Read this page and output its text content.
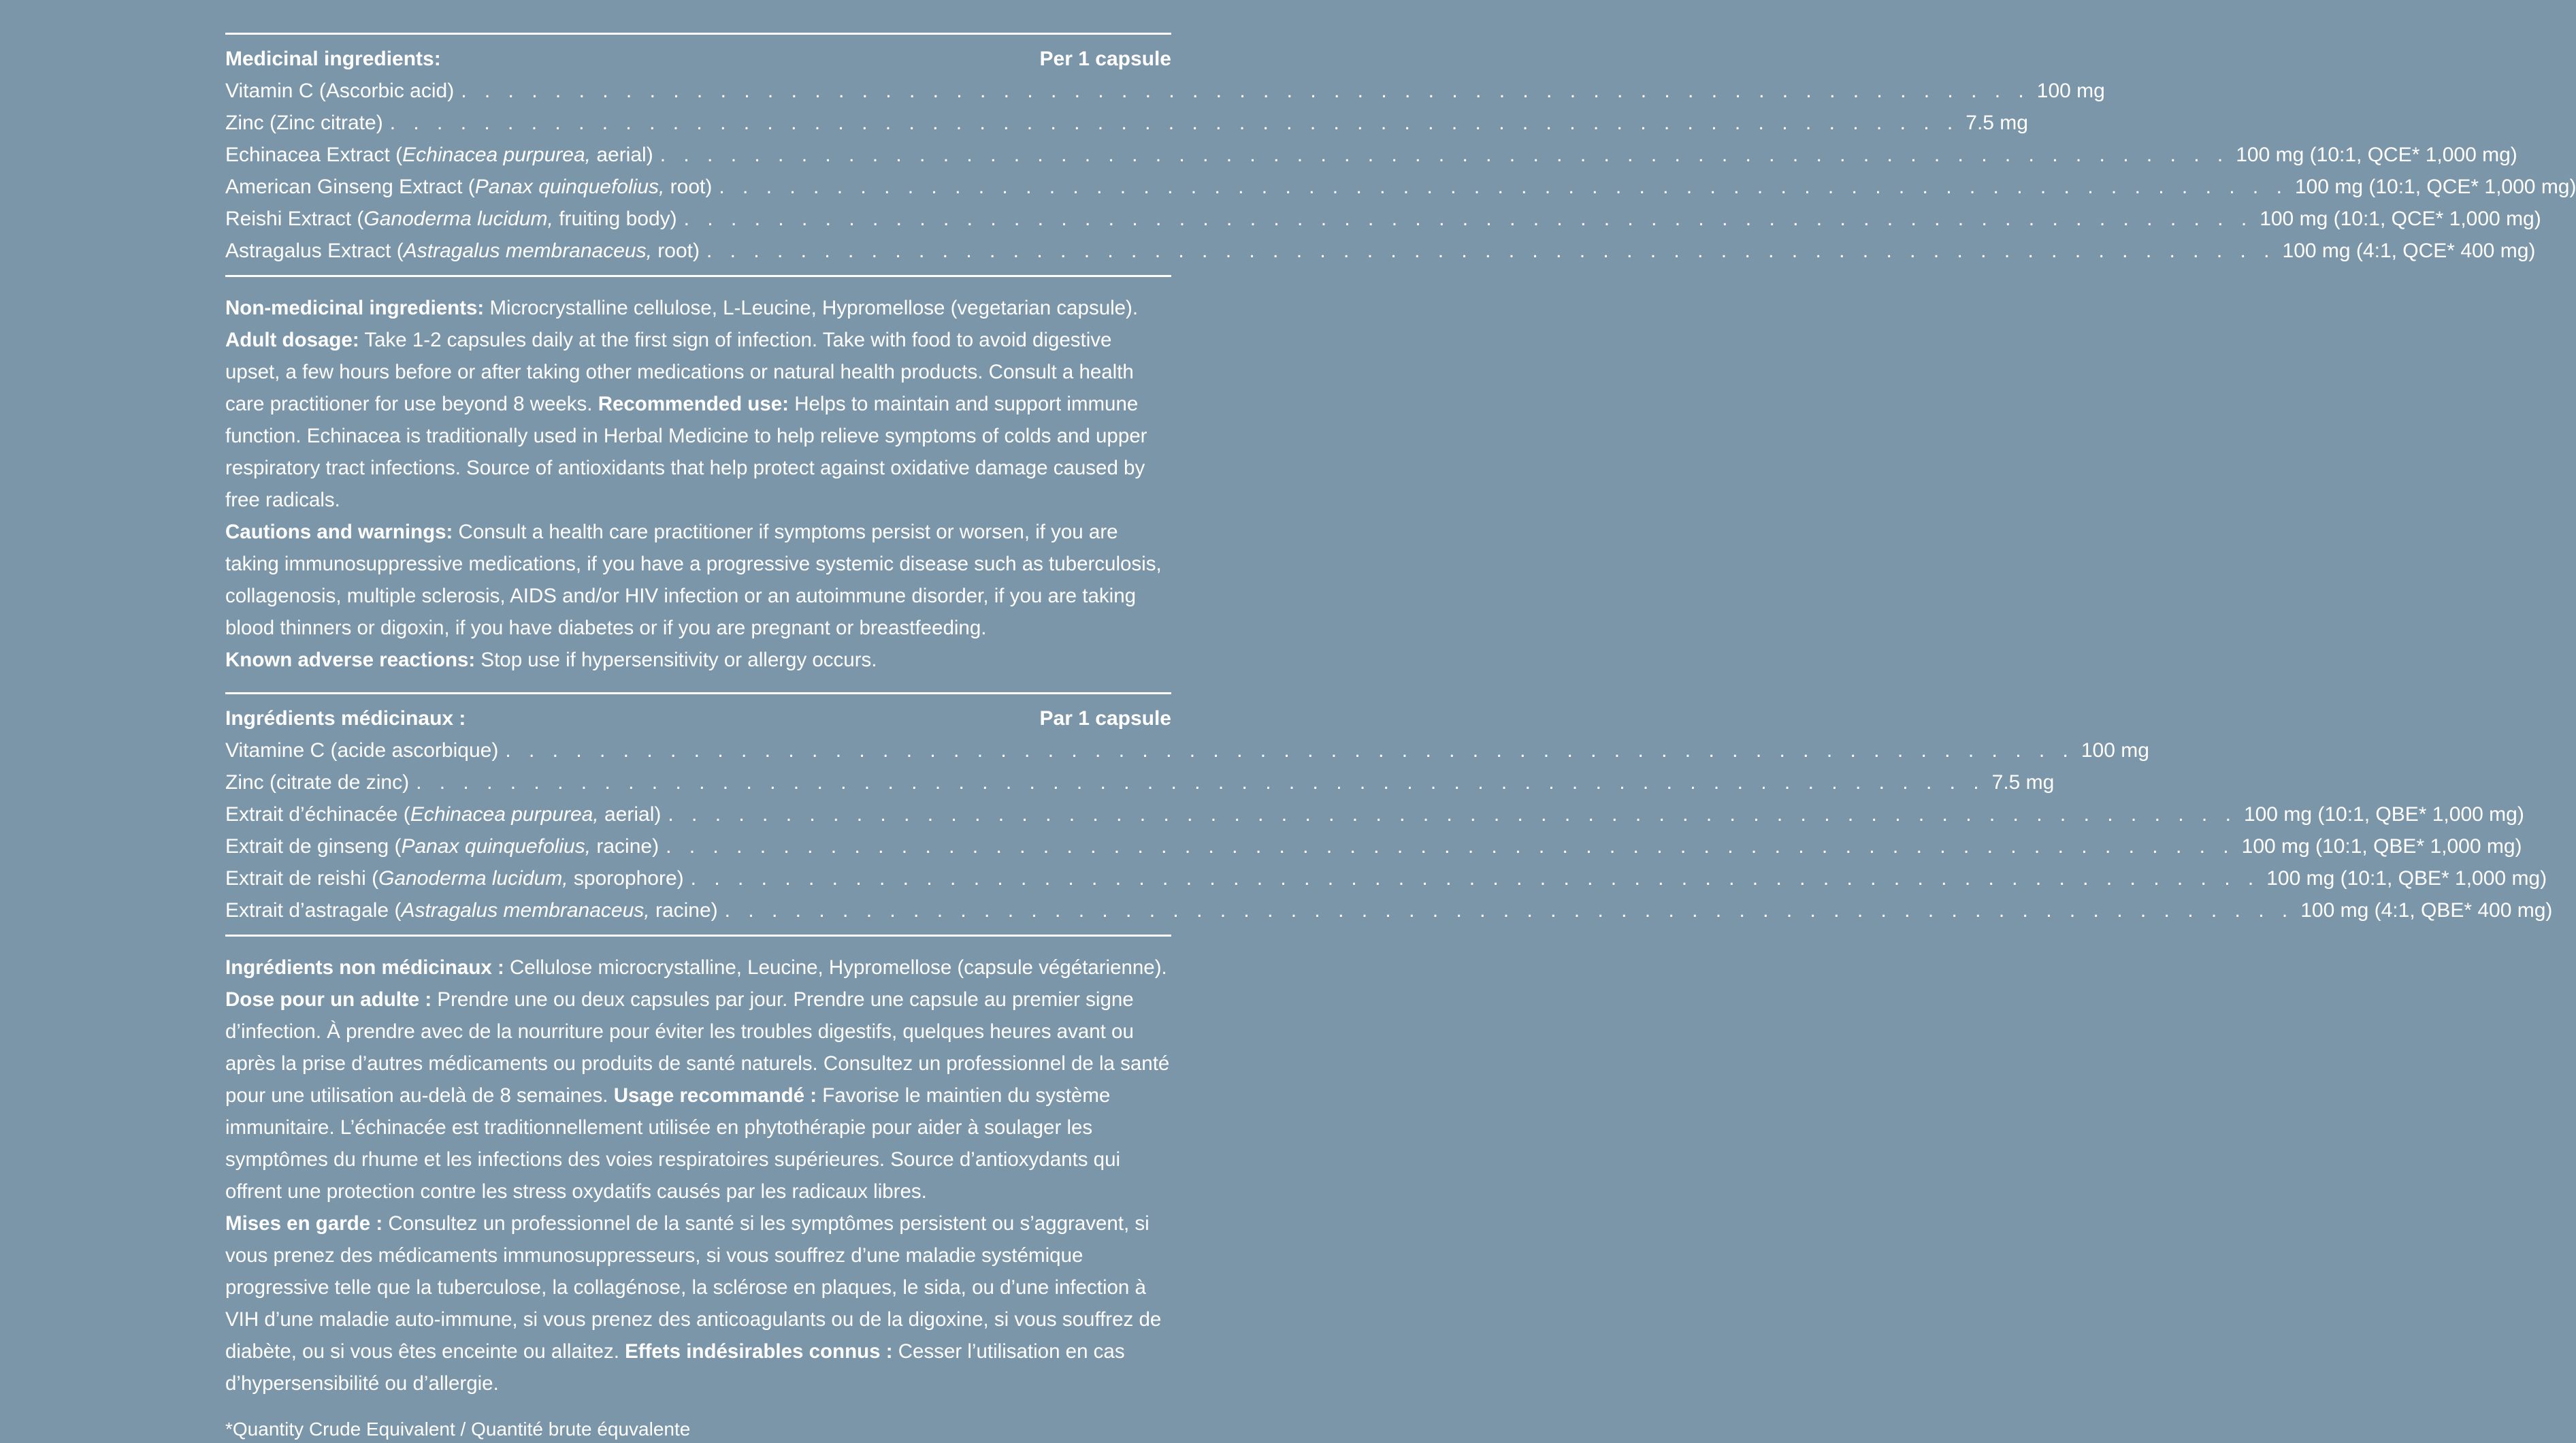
Medicinal ingredients:	Per 1 capsule
Vitamin C (Ascorbic acid) . . . . . . . . . . . . . . . . . . . . . . . . . . . . . . . . . . . . . . . . . . . . . . . . . . . . . . . . . . . . . . . . . . . 100 mg
Zinc (Zinc citrate) . . . . . . . . . . . . . . . . . . . . . . . . . . . . . . . . . . . . . . . . . . . . . . . . . . . . . . . . . . . . . . . . . . . 7.5 mg
Echinacea Extract (Echinacea purpurea, aerial) . . . . . . . . . . . . . . . . . . . . . . . . . . . . . . . . . . . . . . . . . . . . . . . . . . . . . . . . . . . . . . . . . . . 100 mg (10:1, QCE* 1,000 mg)
American Ginseng Extract (Panax quinquefolius, root) . . . . . . . . . . . . . . . . . . . . . . . . . . . . . . . . . . . . . . . . . . . . . . . . . . . . . . . . . . . . . . . . . . . 100 mg (10:1, QCE* 1,000 mg)
Reishi Extract (Ganoderma lucidum, fruiting body) . . . . . . . . . . . . . . . . . . . . . . . . . . . . . . . . . . . . . . . . . . . . . . . . . . . . . . . . . . . . . . . . . . . 100 mg (10:1, QCE* 1,000 mg)
Astragalus Extract (Astragalus membranaceus, root) . . . . . . . . . . . . . . . . . . . . . . . . . . . . . . . . . . . . . . . . . . . . . . . . . . . . . . . . . . . . . . . . . . . 100 mg (4:1, QCE* 400 mg)

Non-medicinal ingredients: Microcrystalline cellulose, L-Leucine, Hypromellose (vegetarian capsule).

Adult dosage: Take 1-2 capsules daily at the first sign of infection. Take with food to avoid digestive upset, a few hours before or after taking other medications or natural health products. Consult a health care practitioner for use beyond 8 weeks. Recommended use: Helps to maintain and support immune function. Echinacea is traditionally used in Herbal Medicine to help relieve symptoms of colds and upper respiratory tract infections. Source of antioxidants that help protect against oxidative damage caused by free radicals.

Cautions and warnings: Consult a health care practitioner if symptoms persist or worsen, if you are taking immunosuppressive medications, if you have a progressive systemic disease such as tuberculosis, collagenosis, multiple sclerosis, AIDS and/or HIV infection or an autoimmune disorder, if you are taking blood thinners or digoxin, if you have diabetes or if you are pregnant or breastfeeding.

Known adverse reactions: Stop use if hypersensitivity or allergy occurs.

Ingrédients médicinaux :	Par 1 capsule
Vitamine C (acide ascorbique) . . . . . . . . . . . . . . . . . . . . . . . . . . . . . . . . . . . . . . . . . . . . . . . . . . . . . . . . . . . . . . . . . . . 100 mg
Zinc (citrate de zinc) . . . . . . . . . . . . . . . . . . . . . . . . . . . . . . . . . . . . . . . . . . . . . . . . . . . . . . . . . . . . . . . . . . . 7.5 mg
Extrait d’échinacée (Echinacea purpurea, aerial) . . . . . . . . . . . . . . . . . . . . . . . . . . . . . . . . . . . . . . . . . . . . . . . . . . . . . . . . . . . . . . . . . . . 100 mg (10:1, QBE* 1,000 mg)
Extrait de ginseng (Panax quinquefolius, racine) . . . . . . . . . . . . . . . . . . . . . . . . . . . . . . . . . . . . . . . . . . . . . . . . . . . . . . . . . . . . . . . . . . . 100 mg (10:1, QBE* 1,000 mg)
Extrait de reishi (Ganoderma lucidum, sporophore) . . . . . . . . . . . . . . . . . . . . . . . . . . . . . . . . . . . . . . . . . . . . . . . . . . . . . . . . . . . . . . . . . . . 100 mg (10:1, QBE* 1,000 mg)
Extrait d’astragale (Astragalus membranaceus, racine) . . . . . . . . . . . . . . . . . . . . . . . . . . . . . . . . . . . . . . . . . . . . . . . . . . . . . . . . . . . . . . . . . . . 100 mg (4:1, QBE* 400 mg)

Ingrédients non médicinaux : Cellulose microcrystalline, Leucine, Hypromellose (capsule végétarienne).

Dose pour un adulte : Prendre une ou deux capsules par jour. Prendre une capsule au premier signe d’infection. À prendre avec de la nourriture pour éviter les troubles digestifs, quelques heures avant ou après la prise d’autres médicaments ou produits de santé naturels. Consultez un professionnel de la santé pour une utilisation au-delà de 8 semaines. Usage recommandé : Favorise le maintien du système immunitaire. L’échinacée est traditionnellement utilisée en phytothérapie pour aider à soulager les symptômes du rhume et les infections des voies respiratoires supérieures. Source d’antioxydants qui offrent une protection contre les stress oxydatifs causés par les radicaux libres.

Mises en garde : Consultez un professionnel de la santé si les symptômes persistent ou s’aggravent, si vous prenez des médicaments immunosuppresseurs, si vous souffrez d’une maladie systémique progressive telle que la tuberculose, la collagénose, la sclérose en plaques, le sida, ou d’une infection à VIH d’une maladie auto-immune, si vous prenez des anticoagulants ou de la digoxine, si vous souffrez de diabète, ou si vous êtes enceinte ou allaitez. Effets indésirables connus : Cesser l’utilisation en cas d’hypersensibilité ou d’allergie.

*Quantity Crude Equivalent / Quantité brute équvalente
